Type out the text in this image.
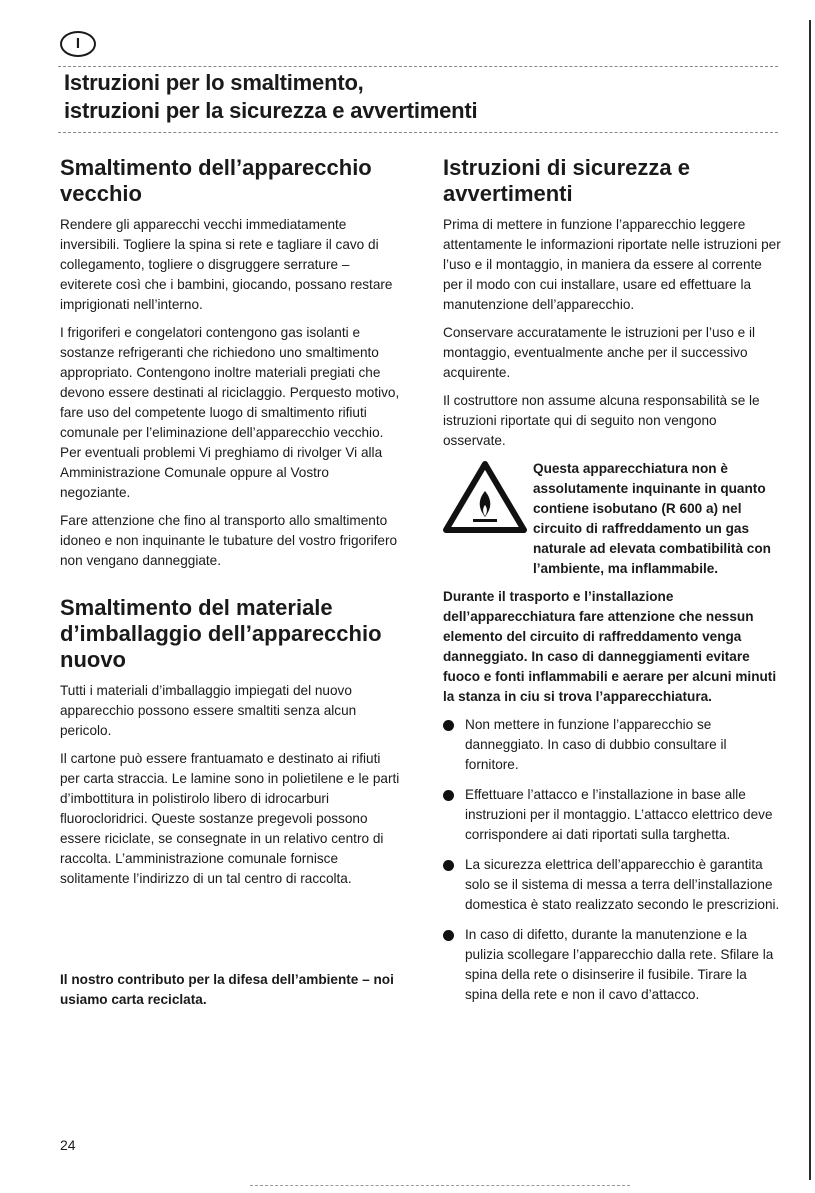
I
Istruzioni per lo smaltimento,
istruzioni per la sicurezza e avvertimenti
Smaltimento dell’apparecchio vecchio

Rendere gli apparecchi vecchi immediatamente inversibili. Togliere la spina si rete e tagliare il cavo di collegamento, togliere o disgruggere serrature – eviterete così che i bambini, giocando, possano restare imprigionati nell’interno.

I frigoriferi e congelatori contengono gas isolanti e sostanze refrigeranti che richiedono uno smaltimento appropriato. Contengono inoltre materiali pregiati che devono essere destinati al riciclaggio. Perquesto motivo, fare uso del competente luogo di smaltimento rifiuti comunale per l’eliminazione dell’apparecchio vecchio. Per eventuali problemi Vi preghiamo di rivolger Vi alla Amministrazione Comunale oppure al Vostro negoziante.

Fare attenzione che fino al transporto allo smaltimento idoneo e non inquinante le tubature del vostro frigorifero non vengano danneggiate.

Smaltimento del materiale d’imballaggio dell’apparecchio nuovo

Tutti i materiali d’imballaggio impiegati del nuovo apparecchio possono essere smaltiti senza alcun pericolo.

Il cartone può essere frantuamato e destinato ai rifiuti per carta straccia. Le lamine sono in polietilene e le parti d’imbottitura in polistirolo libero di idrocarburi fluorocloridrici. Queste sostanze pregevoli possono essere riciclate, se consegnate in un relativo centro di raccolta. L’amministrazione comunale fornisce solitamente l’indirizzo di un tal centro di raccolta.

Il nostro contributo per la difesa dell’ambiente – noi usiamo carta reciclata.
Istruzioni di sicurezza e avvertimenti

Prima di mettere in funzione l’apparecchio leggere attentamente le informazioni riportate nelle istruzioni per l’uso e il montaggio, in maniera da essere al corrente per il modo con cui installare, usare ed effettuare la manutenzione dell’apparecchio.

Conservare accuratamente le istruzioni per l’uso e il montaggio, eventualmente anche per il successivo acquirente.

Il costruttore non assume alcuna responsabilità se le istruzioni riportate qui di seguito non vengono osservate.

Questa apparecchiatura non è assolutamente inquinante in quanto contiene isobutano (R 600 a) nel circuito di raffreddamento un gas naturale ad elevata combatibilità con l’ambiente, ma inflammabile.

Durante il trasporto e l’installazione dell’apparecchiatura fare attenzione che nessun elemento del circuito di raffreddamento venga danneggiato. In caso di danneggiamenti evitare fuoco e fonti inflammabili e aerare per alcuni minuti la stanza in ciu si trova l’apparecchiatura.

Non mettere in funzione l’apparecchio se danneggiato. In caso di dubbio consultare il fornitore.
Effettuare l’attacco e l’installazione in base alle instruzioni per il montaggio. L’attacco elettrico deve corrispondere ai dati riportati sulla targhetta.
La sicurezza elettrica dell’apparecchio è garantita solo se il sistema di messa a terra dell’installazione domestica è stato realizzato secondo le prescrizioni.
In caso di difetto, durante la manutenzione e la pulizia scollegare l’apparecchio dalla rete. Sfilare la spina della rete o disinserire il fusibile. Tirare la spina della rete e non il cavo d’attacco.
24
